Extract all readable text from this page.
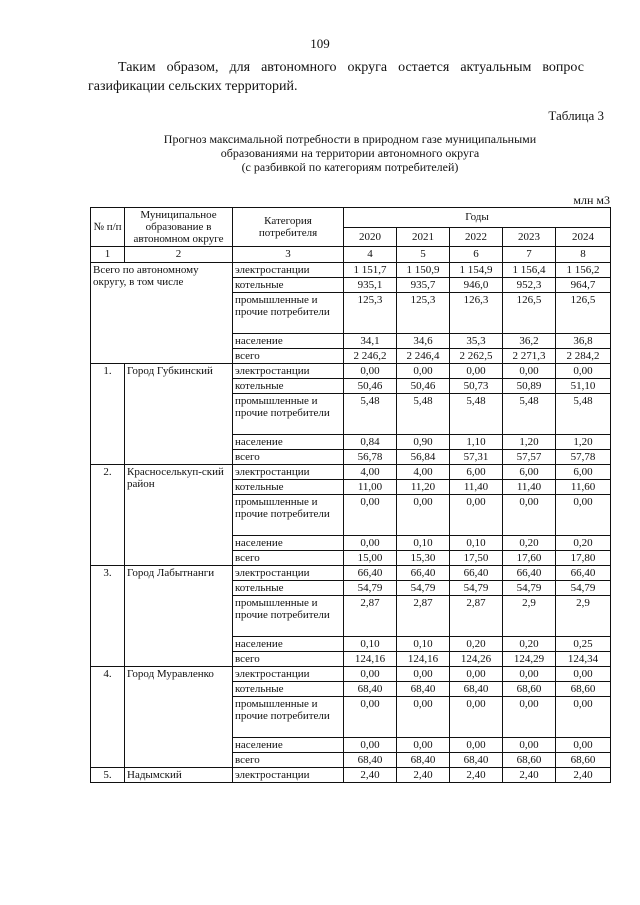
109
Таким образом, для автономного округа остается актуальным вопрос газификации сельских территорий.
Таблица 3
Прогноз максимальной потребности в природном газе муниципальными
образованиями на территории автономного округа
(с разбивкой по категориям потребителей)
млн м3
№ п/п	Муниципальное образование в автономном округе	Категория потребителя	Годы				
			2020	2021	2022	2023	2024
1	2	3	4	5	6	7	8
Всего по автономному округу, в том числе		электростанции	1 151,7	1 150,9	1 154,9	1 156,4	1 156,2
		котельные	935,1	935,7	946,0	952,3	964,7
		промышленные и прочие потребители	125,3	125,3	126,3	126,5	126,5
		население	34,1	34,6	35,3	36,2	36,8
		всего	2 246,2	2 246,4	2 262,5	2 271,3	2 284,2
1.	Город Губкинский	электростанции	0,00	0,00	0,00	0,00	0,00
		котельные	50,46	50,46	50,73	50,89	51,10
		промышленные и прочие потребители	5,48	5,48	5,48	5,48	5,48
		население	0,84	0,90	1,10	1,20	1,20
		всего	56,78	56,84	57,31	57,57	57,78
2.	Красноселькуп-ский район	электростанции	4,00	4,00	6,00	6,00	6,00
		котельные	11,00	11,20	11,40	11,40	11,60
		промышленные и прочие потребители	0,00	0,00	0,00	0,00	0,00
		население	0,00	0,10	0,10	0,20	0,20
		всего	15,00	15,30	17,50	17,60	17,80
3.	Город Лабытнанги	электростанции	66,40	66,40	66,40	66,40	66,40
		котельные	54,79	54,79	54,79	54,79	54,79
		промышленные и прочие потребители	2,87	2,87	2,87	2,9	2,9
		население	0,10	0,10	0,20	0,20	0,25
		всего	124,16	124,16	124,26	124,29	124,34
4.	Город Муравленко	электростанции	0,00	0,00	0,00	0,00	0,00
		котельные	68,40	68,40	68,40	68,60	68,60
		промышленные и прочие потребители	0,00	0,00	0,00	0,00	0,00
		население	0,00	0,00	0,00	0,00	0,00
		всего	68,40	68,40	68,40	68,60	68,60
5.	Надымский	электростанции	2,40	2,40	2,40	2,40	2,40
